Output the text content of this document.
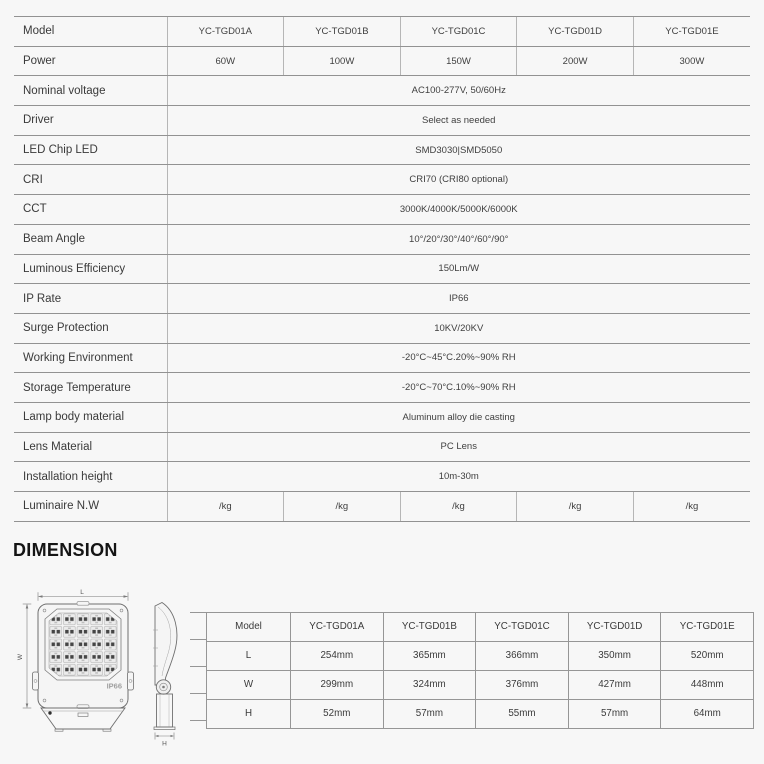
Model	YC-TGD01A	YC-TGD01B	YC-TGD01C	YC-TGD01D	YC-TGD01E
Power	60W	100W	150W	200W	300W
Nominal voltage	AC100-277V, 50/60Hz				
Driver	Select as needed				
LED Chip LED	SMD3030|SMD5050				
CRI	CRI70 (CRI80 optional)				
CCT	3000K/4000K/5000K/6000K				
Beam Angle	10°/20°/30°/40°/60°/90°				
Luminous Efficiency	150Lm/W				
IP Rate	IP66				
Surge Protection	10KV/20KV				
Working Environment	-20°C~45°C.20%~90% RH				
Storage Temperature	-20°C~70°C.10%~90% RH				
Lamp body material	Aluminum alloy die casting				
Lens Material	PC Lens				
Installation height	10m-30m				
Luminaire N.W	/kg	/kg	/kg	/kg	/kg
DIMENSION
L
W
IP66
H
Model	YC-TGD01A	YC-TGD01B	YC-TGD01C	YC-TGD01D	YC-TGD01E
L	254mm	365mm	366mm	350mm	520mm
W	299mm	324mm	376mm	427mm	448mm
H	52mm	57mm	55mm	57mm	64mm
